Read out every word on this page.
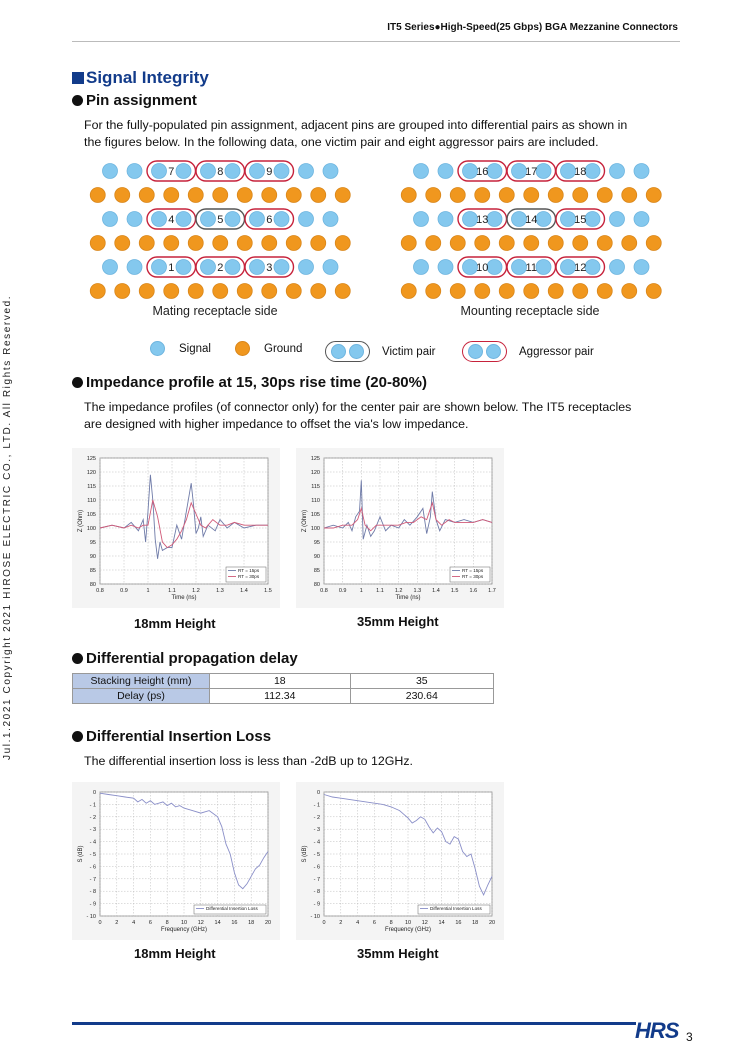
IT5 Series●High-Speed(25 Gbps) BGA Mezzanine Connectors
Jul.1.2021 Copyright 2021 HIROSE ELECTRIC CO., LTD. All Rights Reserved.
Signal Integrity
Pin assignment
For the fully-populated pin assignment, adjacent pins are grouped into differential pairs as shown in
the figures below. In the following data, one victim pair and eight aggressor pairs are included.
7	8	9
4	5	6
1	2	3
16	17	18
13	14	15
10	11	12
Mating receptacle side	Mounting receptacle side
Signal	Ground	Victim pair	Aggressor pair
Impedance profile at 15, 30ps rise time (20-80%)
The impedance profiles (of connector only) for the center pair are shown below. The IT5 receptacles
are designed with higher impedance to offset the via's low impedance.
0.8	0.9	1	1.1	1.2	1.3	1.4	1.5
80
85
90
95
100
105
110
115
120
125
Time (ns)
Z (Ohm)
RT = 15ps
RT = 30ps
0.8 0.9 1 1.1 1.2 1.3 1.4 1.5 1.6 1.7
80
85
90
95
100
105
110
115
120
125
Time (ns)
Z (Ohm)
RT = 15ps
RT = 30ps
18mm Height	35mm Height
Differential propagation delay
Stacking Height (mm)	18	35
Delay (ps)	112.34	230.64
Differential Insertion Loss
The differential insertion loss is less than -2dB up to 12GHz.
0 2 4 6 8 10 12 14 16 18 20
0
- 1
- 2
- 3
- 4
- 5
- 6
- 7
- 8
- 9
- 10
Frequency (GHz)
S (dB)
Differential Insertion Loss
0 2 4 6 8 10 12 14 16 18 20
0
- 1
- 2
- 3
- 4
- 5
- 6
- 7
- 8
- 9
- 10
Frequency (GHz)
S (dB)
Differential Insertion Loss
18mm Height	35mm Height
HRS 3
